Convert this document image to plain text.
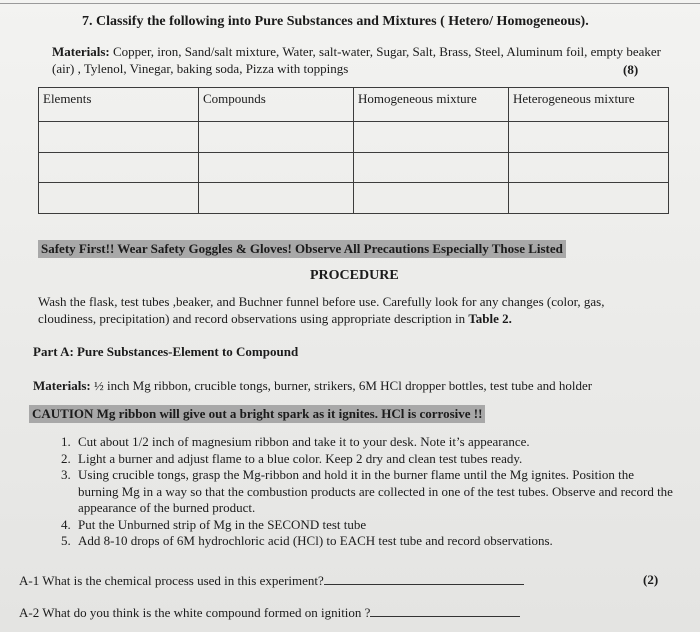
7. Classify the following into Pure Substances and Mixtures ( Hetero/ Homogeneous).
Materials: Copper, iron, Sand/salt mixture, Water, salt-water, Sugar, Salt, Brass, Steel, Aluminum foil, empty beaker (air) , Tylenol, Vinegar, baking soda, Pizza with toppings	(8)
Elements	Compounds	Homogeneous mixture	Heterogeneous mixture

Safety First!! Wear Safety Goggles & Gloves! Observe All Precautions Especially Those Listed
PROCEDURE
Wash the flask, test tubes ,beaker, and Buchner funnel before use. Carefully look for any changes (color, gas, cloudiness, precipitation) and record observations using appropriate description in Table 2.
Part A: Pure Substances-Element to Compound
Materials: ½ inch Mg ribbon, crucible tongs, burner, strikers, 6M HCl dropper bottles, test tube and holder
CAUTION Mg ribbon will give out a bright spark as it ignites. HCl is corrosive !!
1. Cut about 1/2 inch of magnesium ribbon and take it to your desk. Note it’s appearance.
2. Light a burner and adjust flame to a blue color. Keep 2 dry and clean test tubes ready.
3. Using crucible tongs, grasp the Mg-ribbon and hold it in the burner flame until the Mg ignites. Position the burning Mg in a way so that the combustion products are collected in one of the test tubes. Observe and record the appearance of the burned product.
4. Put the Unburned strip of Mg in the SECOND test tube
5. Add 8-10 drops of 6M hydrochloric acid (HCl) to EACH test tube and record observations.
A-1 What is the chemical process used in this experiment?	(2)
A-2 What do you think is the white compound formed on ignition ?
